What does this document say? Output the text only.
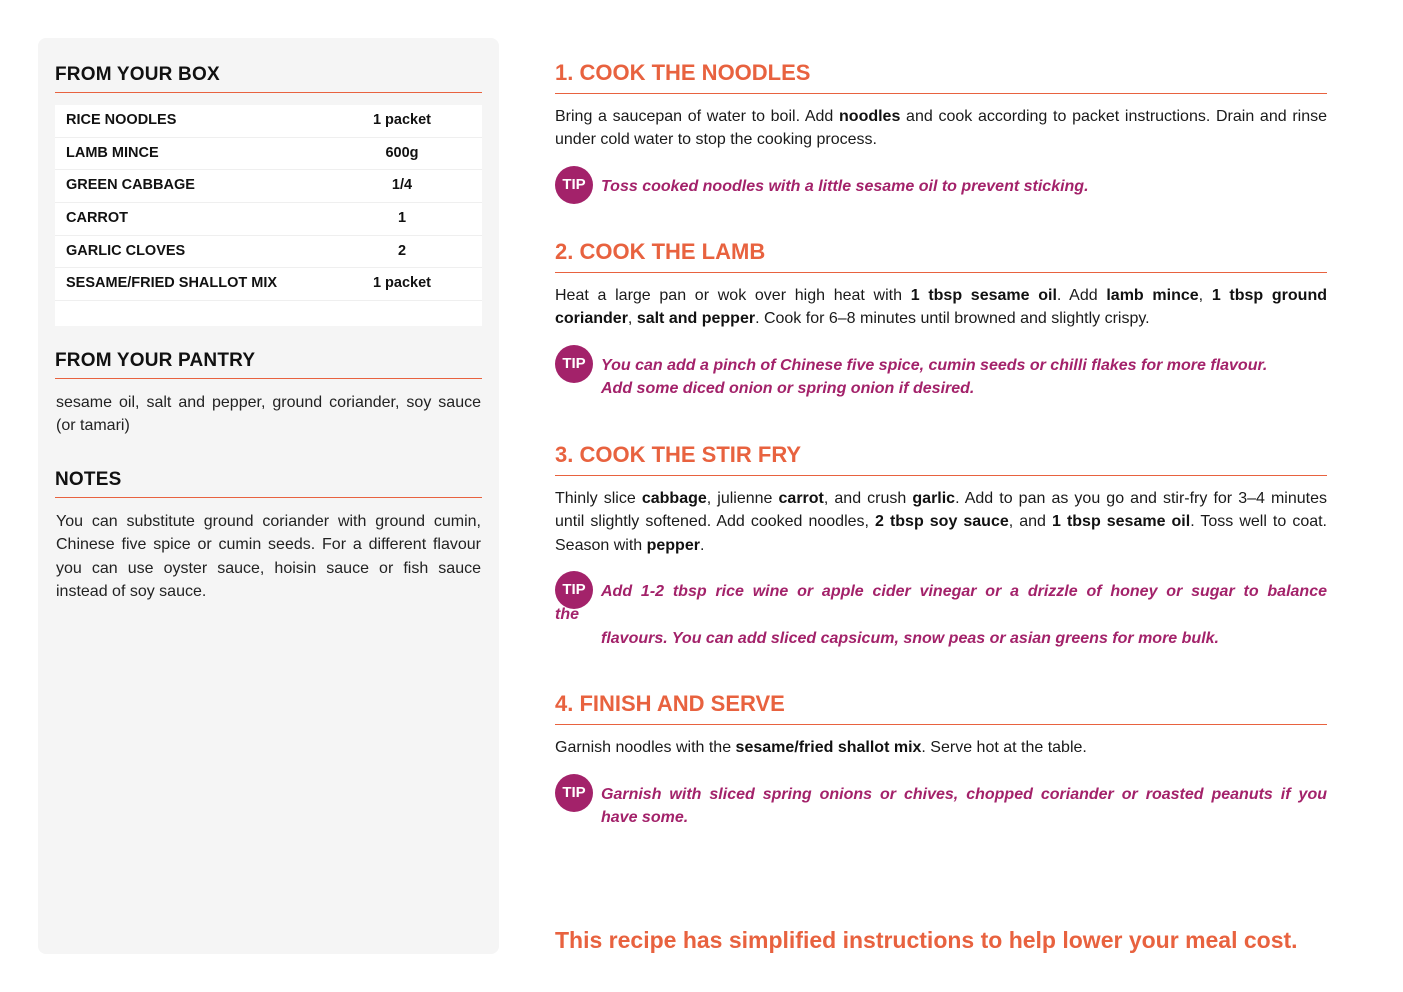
FROM YOUR BOX
RICE NOODLES	1 packet
LAMB MINCE	600g
GREEN CABBAGE	1/4
CARROT	1
GARLIC CLOVES	2
SESAME/FRIED SHALLOT MIX	1 packet
FROM YOUR PANTRY

sesame oil, salt and pepper, ground coriander, soy sauce (or tamari)

NOTES

You can substitute ground coriander with ground cumin, Chinese five spice or cumin seeds. For a different flavour you can use oyster sauce, hoisin sauce or fish sauce instead of soy sauce.

1. COOK THE NOODLES

Bring a saucepan of water to boil. Add noodles and cook according to packet instructions. Drain and rinse under cold water to stop the cooking process.

TIP Toss cooked noodles with a little sesame oil to prevent sticking.

2. COOK THE LAMB

Heat a large pan or wok over high heat with 1 tbsp sesame oil. Add lamb mince, 1 tbsp ground coriander, salt and pepper. Cook for 6–8 minutes until browned and slightly crispy.

TIP You can add a pinch of Chinese five spice, cumin seeds or chilli flakes for more flavour.
Add some diced onion or spring onion if desired.

3. COOK THE STIR FRY

Thinly slice cabbage, julienne carrot, and crush garlic. Add to pan as you go and stir-fry for 3–4 minutes until slightly softened. Add cooked noodles, 2 tbsp soy sauce, and 1 tbsp sesame oil. Toss well to coat. Season with pepper.

TIP Add 1-2 tbsp rice wine or apple cider vinegar or a drizzle of honey or sugar to balance

the

flavours. You can add sliced capsicum, snow peas or asian greens for more bulk.

4. FINISH AND SERVE

Garnish noodles with the sesame/fried shallot mix. Serve hot at the table.

TIP Garnish with sliced spring onions or chives, chopped coriander or roasted peanuts if you

have some.

This recipe has simplified instructions to help lower your meal cost.
